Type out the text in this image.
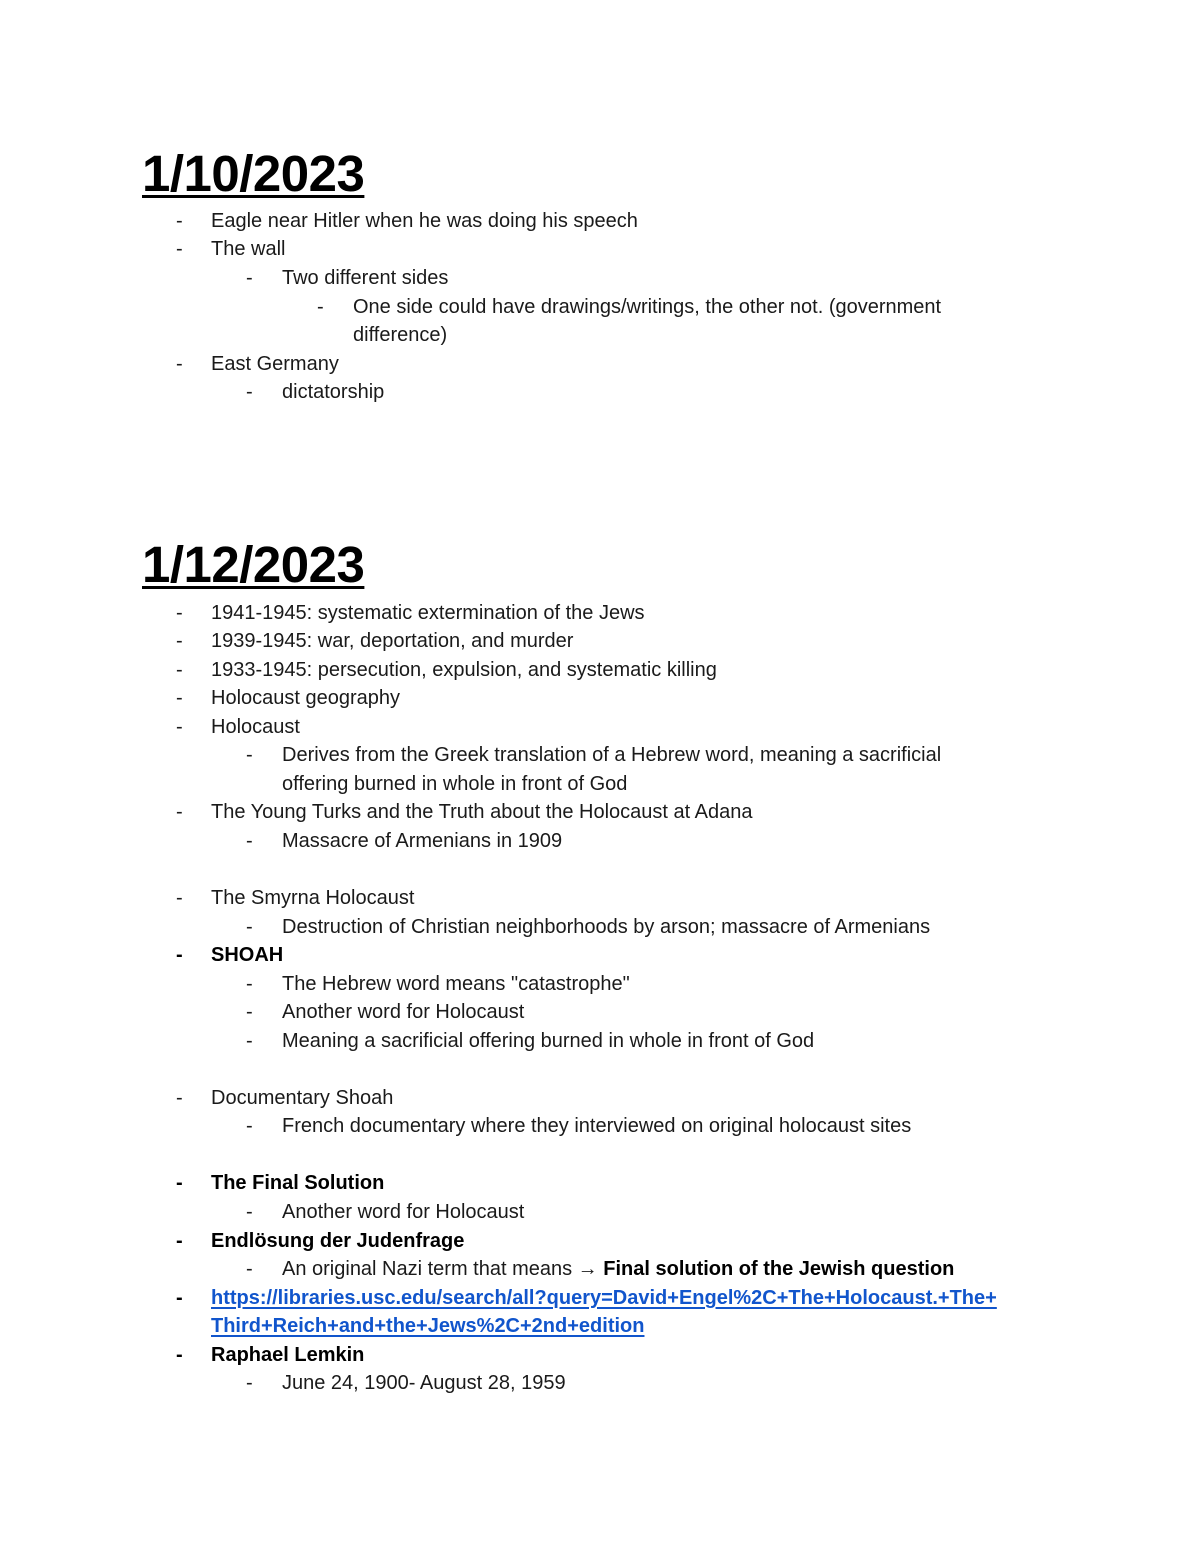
1/10/2023
- Eagle near Hitler when he was doing his speech
- The wall
- Two different sides
- One side could have drawings/writings, the other not. (government
difference)
- East Germany
- dictatorship
1/12/2023
- 1941-1945: systematic extermination of the Jews
- 1939-1945: war, deportation, and murder
- 1933-1945: persecution, expulsion, and systematic killing
- Holocaust geography
- Holocaust
- Derives from the Greek translation of a Hebrew word, meaning a sacrificial
offering burned in whole in front of God
- The Young Turks and the Truth about the Holocaust at Adana
- Massacre of Armenians in 1909
- The Smyrna Holocaust
- Destruction of Christian neighborhoods by arson; massacre of Armenians
- SHOAH
- The Hebrew word means "catastrophe"
- Another word for Holocaust
- Meaning a sacrificial offering burned in whole in front of God
- Documentary Shoah
- French documentary where they interviewed on original holocaust sites
- The Final Solution
- Another word for Holocaust
- Endlösung der Judenfrage
- An original Nazi term that means → Final solution of the Jewish question
- https://libraries.usc.edu/search/all?query=David+Engel%2C+The+Holocaust.+The+
Third+Reich+and+the+Jews%2C+2nd+edition
- Raphael Lemkin
- June 24, 1900- August 28, 1959
